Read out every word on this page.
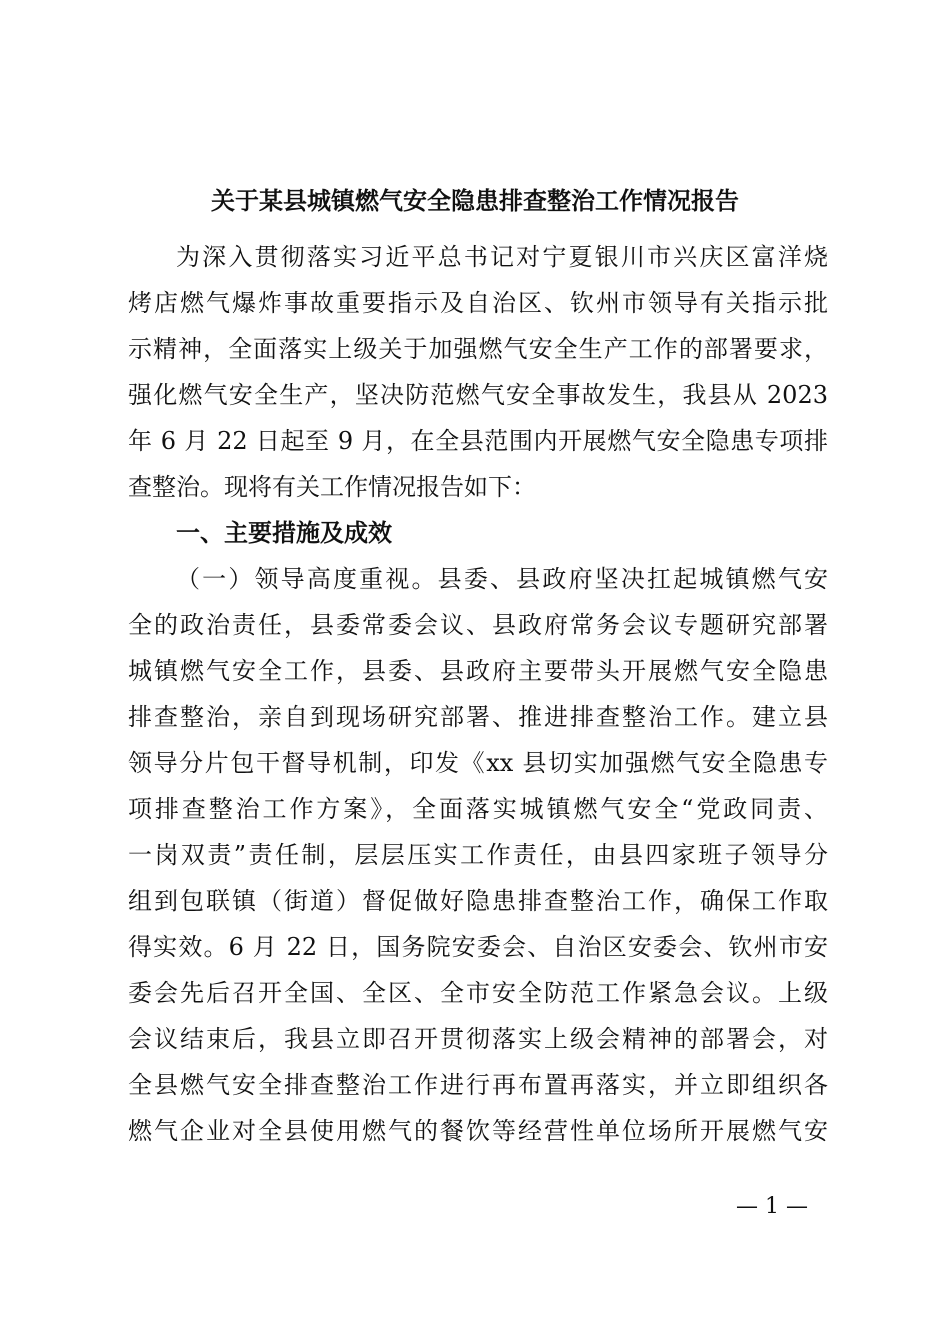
关于某县城镇燃气安全隐患排查整治工作情况报告
为深入贯彻落实习近平总书记对宁夏银川市兴庆区富洋烧
烤店燃气爆炸事故重要指示及自治区、钦州市领导有关指示批
示精神，全面落实上级关于加强燃气安全生产工作的部署要求，
强化燃气安全生产，坚决防范燃气安全事故发生，我县从 2023
年 6 月 22 日起至 9 月，在全县范围内开展燃气安全隐患专项排
查整治。现将有关工作情况报告如下：
一、主要措施及成效
（一）领导高度重视。县委、县政府坚决扛起城镇燃气安
全的政治责任，县委常委会议、县政府常务会议专题研究部署
城镇燃气安全工作，县委、县政府主要带头开展燃气安全隐患
排查整治，亲自到现场研究部署、推进排查整治工作。建立县
领导分片包干督导机制，印发《xx 县切实加强燃气安全隐患专
项排查整治工作方案》，全面落实城镇燃气安全“党政同责、
一岗双责”责任制，层层压实工作责任，由县四家班子领导分
组到包联镇（街道）督促做好隐患排查整治工作，确保工作取
得实效。6 月 22 日，国务院安委会、自治区安委会、钦州市安
委会先后召开全国、全区、全市安全防范工作紧急会议。上级
会议结束后，我县立即召开贯彻落实上级会精神的部署会，对
全县燃气安全排查整治工作进行再布置再落实，并立即组织各
燃气企业对全县使用燃气的餐饮等经营性单位场所开展燃气安
— 1 —
